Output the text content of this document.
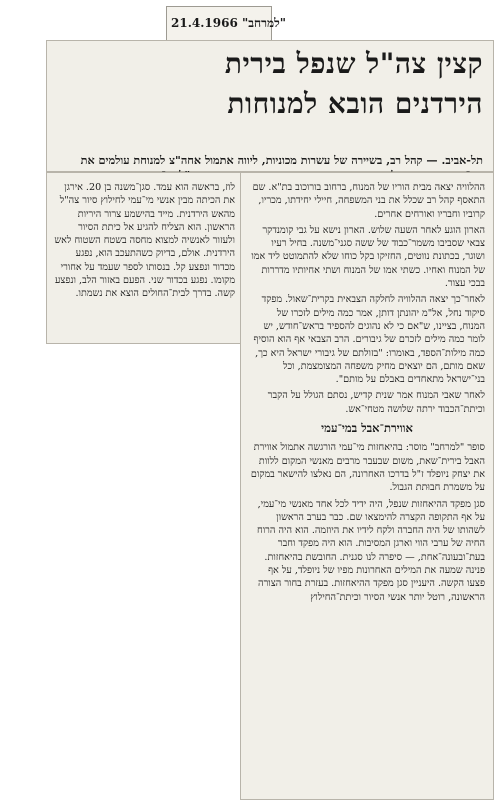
21.4.1966 "למרחב"
קצין צה"ל שנפל בירית
הירדנים הובא למנוחות
תל-אביב. — קהל רב, בשיירה של עשרות מכוניות, ליווה אתמול אחה"צ למנוחת עולמים את
לוז, בראשה הוא עמד. סגן־משנה בן 20. אירגן את הכיתה מבין אנשי מי־עמי לחילוץ סיור צה"ל מהאש הירדנית. מייד בהישמע צרור היריות הראשון. הוא הצליח להגיע אל כיתת הסיור ולעזור לאנשיה למצוא מחסה בשטח השטוח לאש הירדנית. אולם, בדיוק כשהתעכב הוא, נפגע מכדור ונפצע קל. בנסותו לספר שעמד על אחורי מקומו. נפגע בכדור שני. הפעם באזור הלב, ונפצע קשה. בדרך לבית־החולים הוצא את נשמתו.

ההלוויה יצאה מבית הוריו של המנוח, ברחוב בורוכוב בת"א. שם התאסף קהל רב שכלל את בני המשפחה, חיילי יחידתו, מכריו, קרוביו וחבריו ואורחים אחרים.

הארון הוגע לאחר השעה שלוש. הארון נישא על גבי קומנדקר צבאי שסביבו משמר־כבוד של ששה סגני־משנה. בחיל רעיו ושוגר, בכתונת נווטים, החזיקו בקל כוחו שלא להתמוטט ליד אמו של המנוח ואחיו. כשתי אמו של המנוח ושתי אחיותיו מדררות בבכי עצור.

לאחר־כך יצאה ההלוויה לחלקה הצבאית בקרית־שאול. מפקד סיקוד נחל, אל"מ יהונתן דותן, אמר כמה מילים לזכרו של המנוח, בציינו, ש"אם כי לא נהוגים להספיד בראש־חודש, יש לומר כמה מילים לזכרם של גיבורים. הרב הצבאי אף הוא הוסיף כמה מילות־הספד, באומרו: "בזולתם של גיבורי ישראל היא כך, שאם מותם, הם יוצאים מחיק משפחה המצומצמת, וכל בני־ישראל מתאחדים באבלם על מותם".

לאחר שאבי המנוח אמר שנית קדיש, נסתם הגולל על הקבר וכיתת־הכבוד ירתה שלושה מטחי־אש.

אווירת־אבל במי־עמי

סופר "למרחב" מוסר: בהיאחזות מי־עמי הורגשה אתמול אווירת האבל בירית־שאת, משום שבעבר מרבים מאנשי המקום ללוות את יצחק ניופלד ז"ל בדרכו האחרונה, הם נאלצו להישאר במקום על משמרת חבוּתת הגבול.

סגן מפקד ההיאחזות שנפל, היה ידיד לכל אחד מאנשי מי־עמי, על אף התקופה הקצרה להימצאו שם. כבר בערב הראשון לשהותו של היה החברה ולקח לידיו את היוזמה. הוא היה הרוח החיה של ערבי הווי וארגן המסיבות. הוא היה מפקד וחבר בעת־ובעונה־אחת, — סיפרה לנו סגנית. החובשת בהיאחזות. פנינה שמעה את המילים האחרונות מפיו של ניופלד, על אף פצעו הקשה. היעניין סגן מפקד ההיאחזות. בעזרת בחור הצורה הראשונה, רוטל יותר אנשי הסיור וכיתת־החילוץ
